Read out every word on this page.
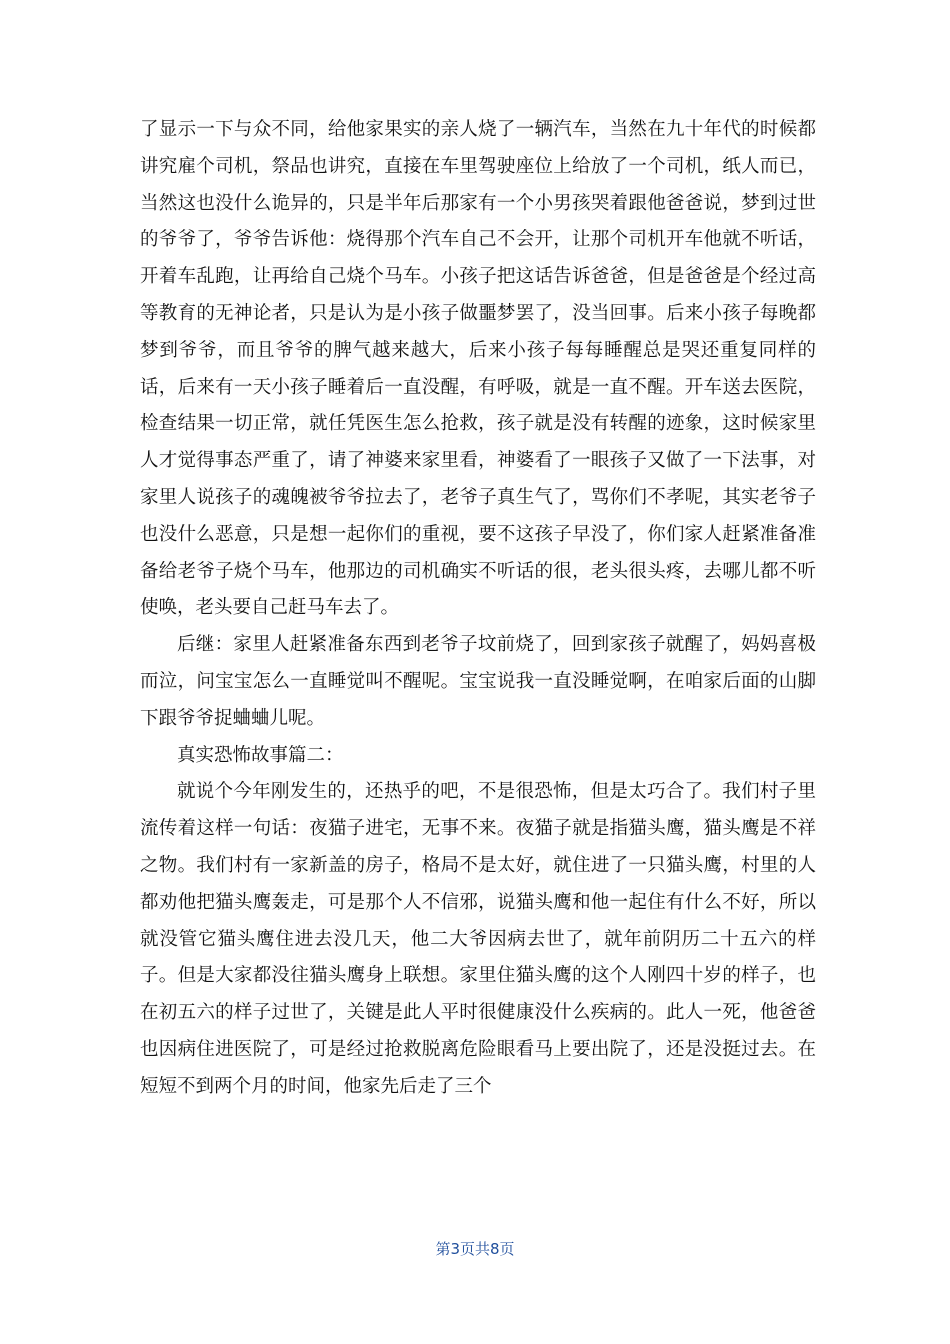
了显示一下与众不同，给他家果实的亲人烧了一辆汽车，当然在九十年代的时候都讲究雇个司机，祭品也讲究，直接在车里驾驶座位上给放了一个司机，纸人而已，当然这也没什么诡异的，只是半年后那家有一个小男孩哭着跟他爸爸说，梦到过世的爷爷了，爷爷告诉他：烧得那个汽车自己不会开，让那个司机开车他就不听话，开着车乱跑，让再给自己烧个马车。小孩子把这话告诉爸爸，但是爸爸是个经过高等教育的无神论者，只是认为是小孩子做噩梦罢了，没当回事。后来小孩子每晚都梦到爷爷，而且爷爷的脾气越来越大，后来小孩子每每睡醒总是哭还重复同样的话，后来有一天小孩子睡着后一直没醒，有呼吸，就是一直不醒。开车送去医院，检查结果一切正常，就任凭医生怎么抢救，孩子就是没有转醒的迹象，这时候家里人才觉得事态严重了，请了神婆来家里看，神婆看了一眼孩子又做了一下法事，对家里人说孩子的魂魄被爷爷拉去了，老爷子真生气了，骂你们不孝呢，其实老爷子也没什么恶意，只是想一起你们的重视，要不这孩子早没了，你们家人赶紧准备准备给老爷子烧个马车，他那边的司机确实不听话的很，老头很头疼，去哪儿都不听使唤，老头要自己赶马车去了。

后继：家里人赶紧准备东西到老爷子坟前烧了，回到家孩子就醒了，妈妈喜极而泣，问宝宝怎么一直睡觉叫不醒呢。宝宝说我一直没睡觉啊，在咱家后面的山脚下跟爷爷捉蛐蛐儿呢。

真实恐怖故事篇二：

就说个今年刚发生的，还热乎的吧，不是很恐怖，但是太巧合了。我们村子里流传着这样一句话：夜猫子进宅，无事不来。夜猫子就是指猫头鹰，猫头鹰是不祥之物。我们村有一家新盖的房子，格局不是太好，就住进了一只猫头鹰，村里的人都劝他把猫头鹰轰走，可是那个人不信邪，说猫头鹰和他一起住有什么不好，所以就没管它猫头鹰住进去没几天，他二大爷因病去世了，就年前阴历二十五六的样子。但是大家都没往猫头鹰身上联想。家里住猫头鹰的这个人刚四十岁的样子，也在初五六的样子过世了，关键是此人平时很健康没什么疾病的。此人一死，他爸爸也因病住进医院了，可是经过抢救脱离危险眼看马上要出院了，还是没挺过去。在短短不到两个月的时间，他家先后走了三个

第3页共8页
